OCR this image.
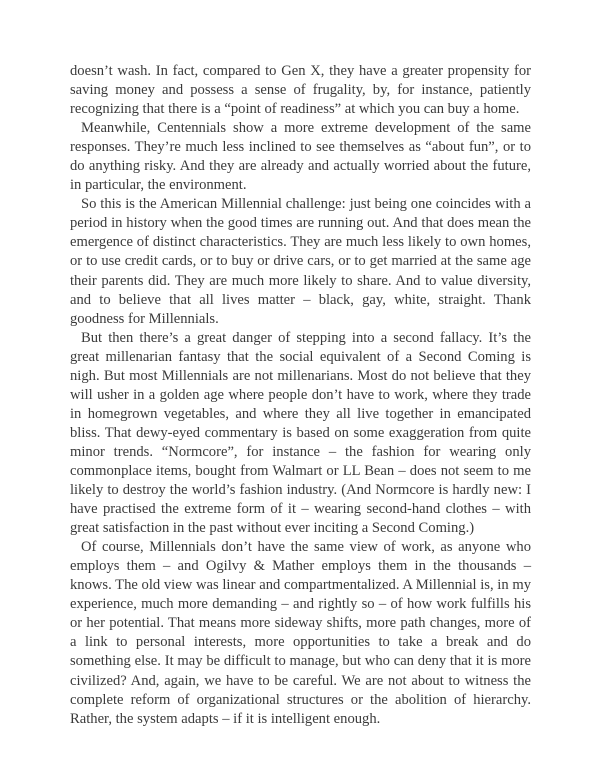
doesn’t wash. In fact, compared to Gen X, they have a greater propensity for saving money and possess a sense of frugality, by, for instance, patiently recognizing that there is a “point of readiness” at which you can buy a home.

Meanwhile, Centennials show a more extreme development of the same responses. They’re much less inclined to see themselves as “about fun”, or to do anything risky. And they are already and actually worried about the future, in particular, the environment.

So this is the American Millennial challenge: just being one coincides with a period in history when the good times are running out. And that does mean the emergence of distinct characteristics. They are much less likely to own homes, or to use credit cards, or to buy or drive cars, or to get married at the same age their parents did. They are much more likely to share. And to value diversity, and to believe that all lives matter – black, gay, white, straight. Thank goodness for Millennials.

But then there’s a great danger of stepping into a second fallacy. It’s the great millenarian fantasy that the social equivalent of a Second Coming is nigh. But most Millennials are not millenarians. Most do not believe that they will usher in a golden age where people don’t have to work, where they trade in homegrown vegetables, and where they all live together in emancipated bliss. That dewy-eyed commentary is based on some exaggeration from quite minor trends. “Normcore”, for instance – the fashion for wearing only commonplace items, bought from Walmart or LL Bean – does not seem to me likely to destroy the world’s fashion industry. (And Normcore is hardly new: I have practised the extreme form of it – wearing second-hand clothes – with great satisfaction in the past without ever inciting a Second Coming.)

Of course, Millennials don’t have the same view of work, as anyone who employs them – and Ogilvy & Mather employs them in the thousands – knows. The old view was linear and compartmentalized. A Millennial is, in my experience, much more demanding – and rightly so – of how work fulfills his or her potential. That means more sideway shifts, more path changes, more of a link to personal interests, more opportunities to take a break and do something else. It may be difficult to manage, but who can deny that it is more civilized? And, again, we have to be careful. We are not about to witness the complete reform of organizational structures or the abolition of hierarchy. Rather, the system adapts – if it is intelligent enough.
